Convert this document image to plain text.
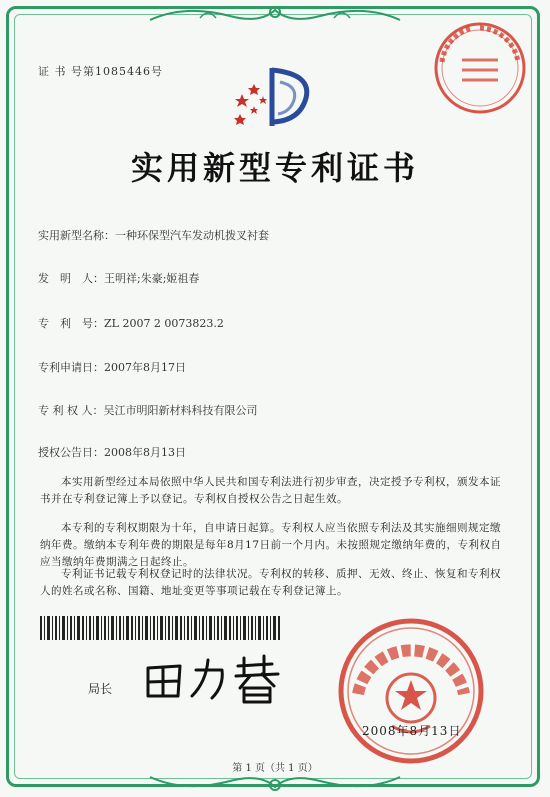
证 书 号第1085446号
实用新型专利证书
实用新型名称：一种环保型汽车发动机拨叉衬套
发　明　人：王明祥;朱豪;姬祖春
专　利　号：ZL 2007 2 0073823.2
专利申请日：2007年8月17日
专 利 权 人：吴江市明阳新材料科技有限公司
授权公告日：2008年8月13日

本实用新型经过本局依照中华人民共和国专利法进行初步审查，决定授予专利权，颁发本证书并在专利登记簿上予以登记。专利权自授权公告之日起生效。

本专利的专利权期限为十年，自申请日起算。专利权人应当依照专利法及其实施细则规定缴纳年费。缴纳本专利年费的期限是每年8月17日前一个月内。未按照规定缴纳年费的，专利权自应当缴纳年费期满之日起终止。

专利证书记载专利权登记时的法律状况。专利权的转移、质押、无效、终止、恢复和专利权人的姓名或名称、国籍、地址变更等事项记载在专利登记簿上。

局长
2008年8月13日
第 1 页（共 1 页）
